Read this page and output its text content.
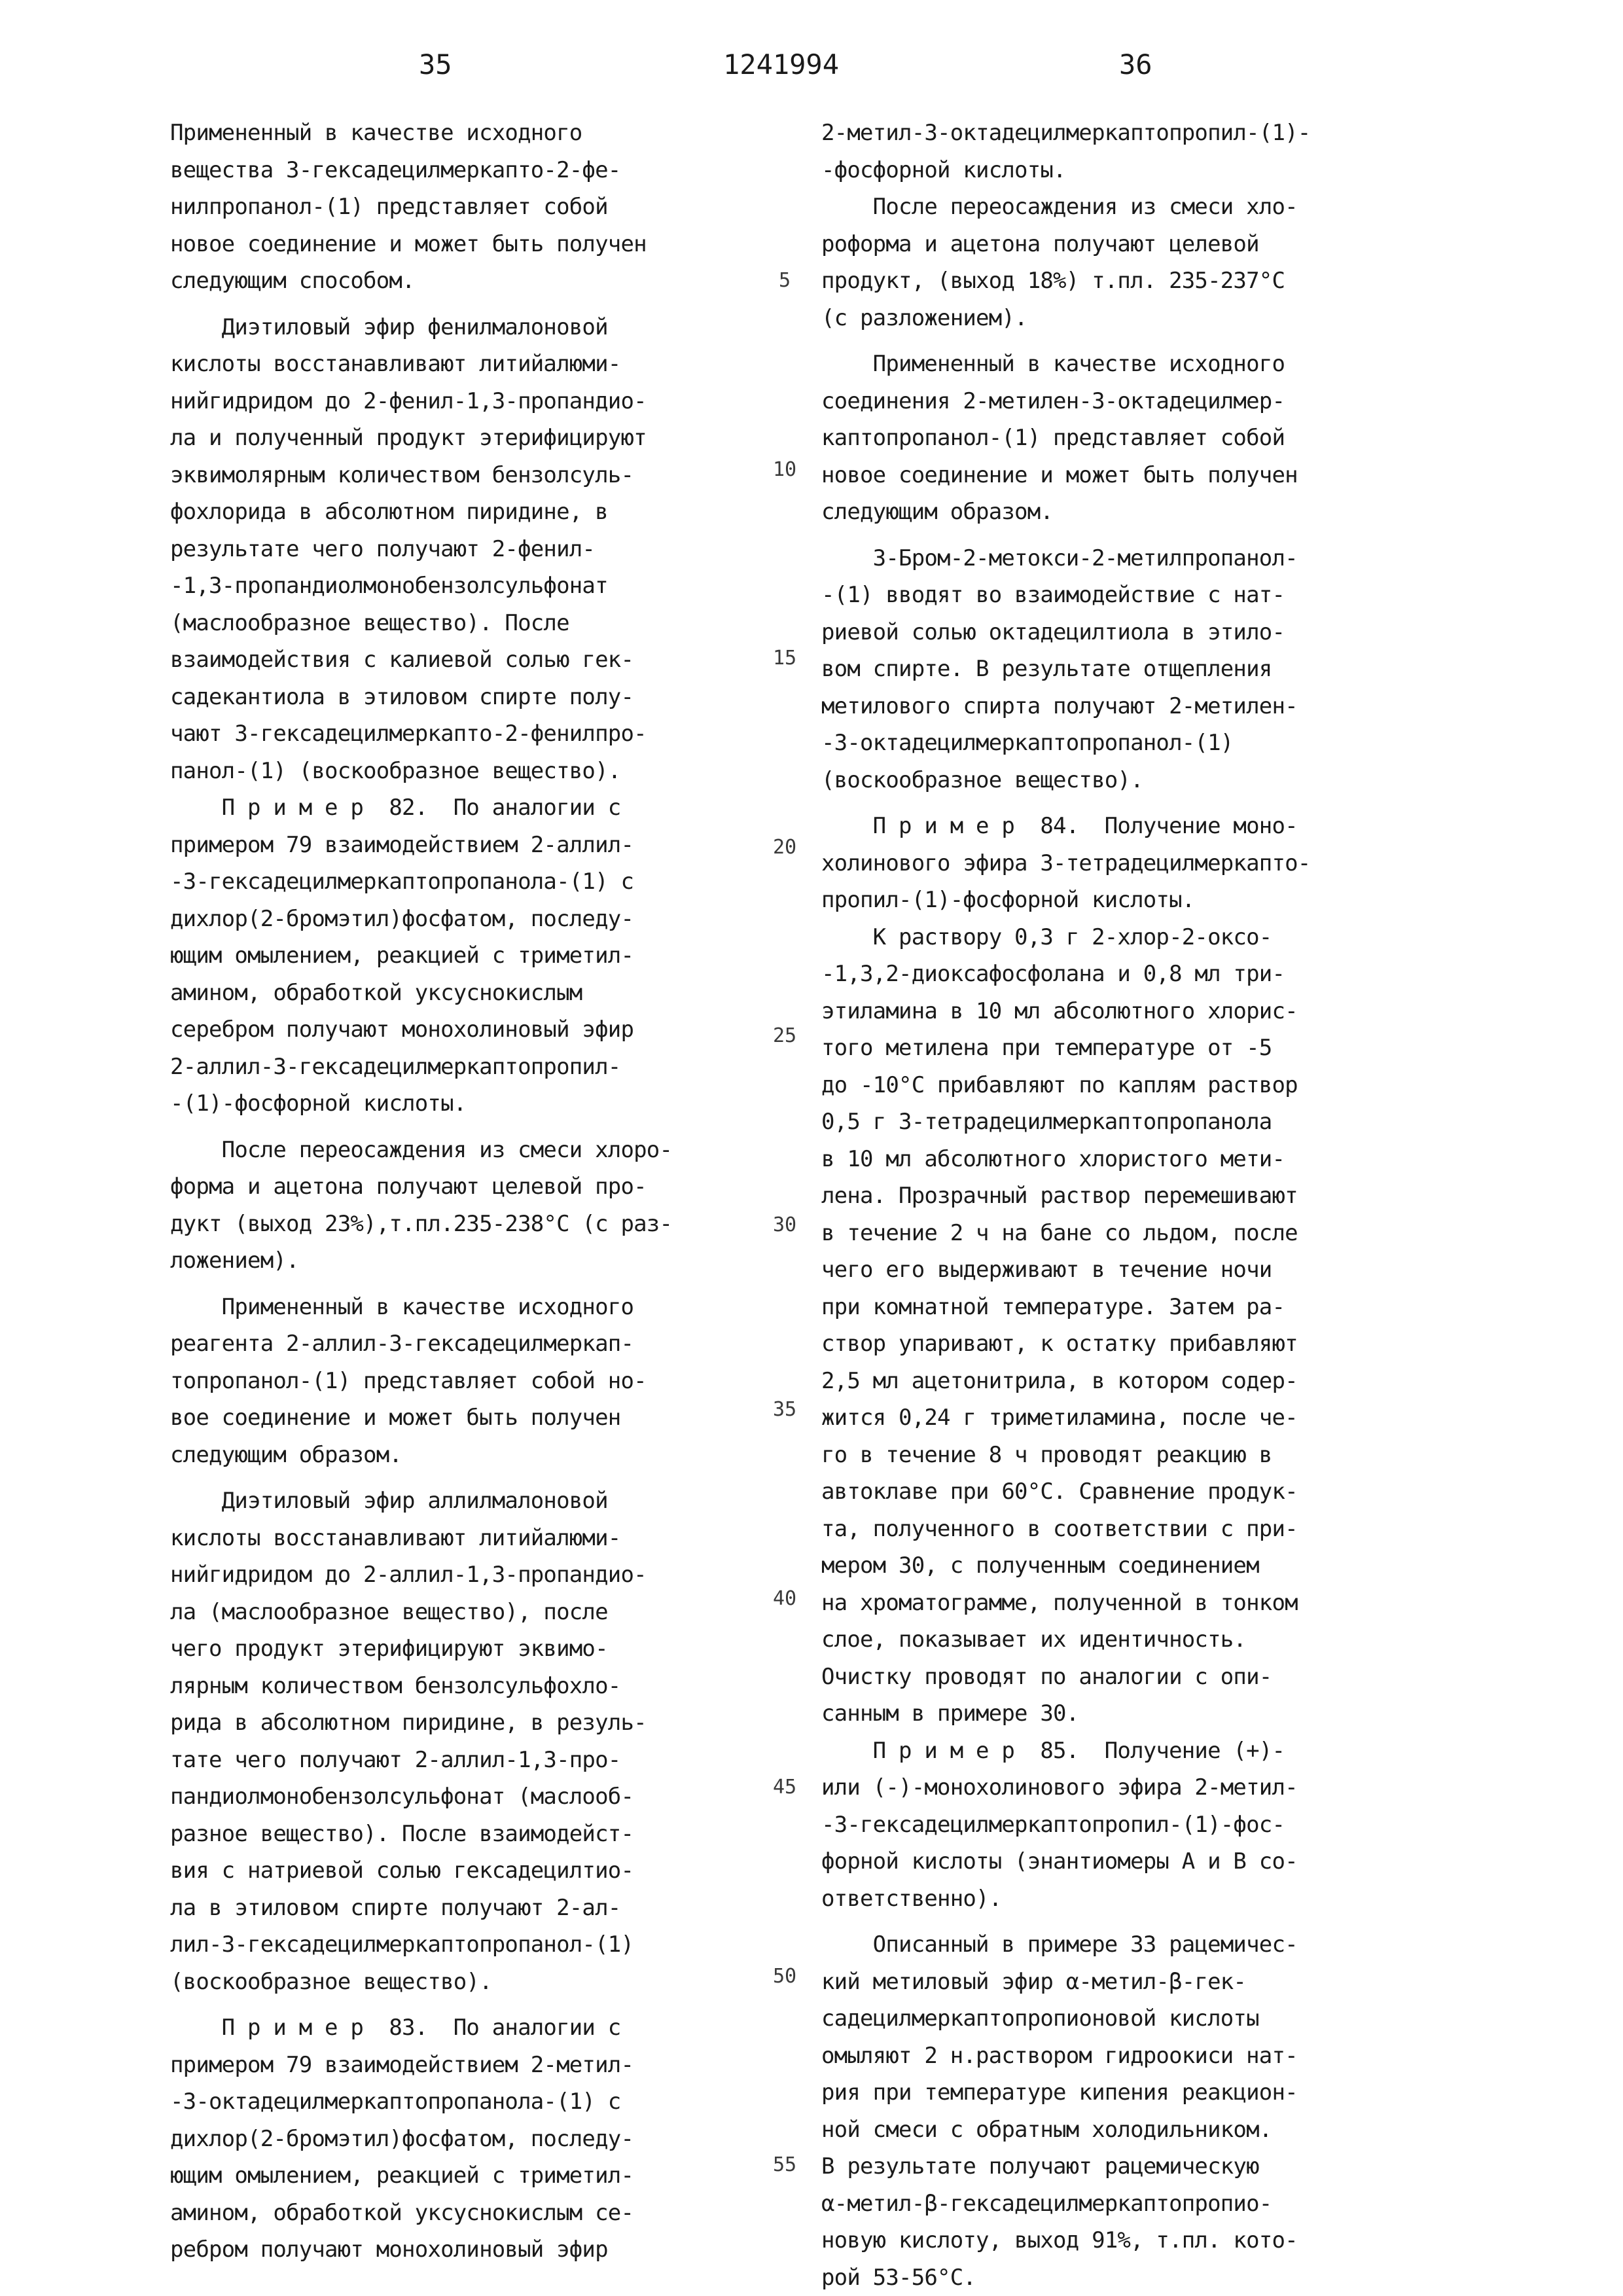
35	1241994	36

Примененный в качестве исходного

вещества 3-гексадецилмеркапто-2-фе-

нилпропанол-(1) представляет собой

новое соединение и может быть получен

следующим способом.

Диэтиловый эфир фенилмалоновой

кислоты восстанавливают литийалюми-

нийгидридом до 2-фенил-1,3-пропандио-

ла и полученный продукт этерифицируют

эквимолярным количеством бензолсуль-

фохлорида в абсолютном пиридине, в

результате чего получают 2-фенил-

-1,3-пропандиолмонобензолсульфонат

(маслообразное вещество). После

взаимодействия с калиевой солью гек-

садекантиола в этиловом спирте полу-

чают 3-гексадецилмеркапто-2-фенилпро-

панол-(1) (воскообразное вещество).

П р и м е р  82.  По аналогии с

примером 79 взаимодействием 2-аллил-

-3-гексадецилмеркаптопропанола-(1) с

дихлор(2-бромэтил)фосфатом, последу-

ющим омылением, реакцией с триметил-

амином, обработкой уксуснокислым

серебром получают монохолиновый эфир

2-аллил-3-гексадецилмеркаптопропил-

-(1)-фосфорной кислоты.

После переосаждения из смеси хлоро-

форма и ацетона получают целевой про-

дукт (выход 23%),т.пл.235-238°С (с раз-

ложением).

Примененный в качестве исходного

реагента 2-аллил-3-гексадецилмеркап-

топропанол-(1) представляет собой но-

вое соединение и может быть получен

следующим образом.

Диэтиловый эфир аллилмалоновой

кислоты восстанавливают литийалюми-

нийгидридом до 2-аллил-1,3-пропандио-

ла (маслообразное вещество), после

чего продукт этерифицируют эквимо-

лярным количеством бензолсульфохло-

рида в абсолютном пиридине, в резуль-

тате чего получают 2-аллил-1,3-про-

пандиолмонобензолсульфонат (маслооб-

разное вещество). После взаимодейст-

вия с натриевой солью гексадецилтио-

ла в этиловом спирте получают 2-ал-

лил-3-гексадецилмеркаптопропанол-(1)

(воскообразное вещество).

П р и м е р  83.  По аналогии с

примером 79 взаимодействием 2-метил-

-3-октадецилмеркаптопропанола-(1) с

дихлор(2-бромэтил)фосфатом, последу-

ющим омылением, реакцией с триметил-

амином, обработкой уксуснокислым се-

ребром получают монохолиновый эфир

5
10
15
20
25
30
35
40
45
50
55

2-метил-3-октадецилмеркаптопропил-(1)-

-фосфорной кислоты.

После переосаждения из смеси хло-

роформа и ацетона получают целевой

продукт, (выход 18%) т.пл. 235-237°С

(с разложением).

Примененный в качестве исходного

соединения 2-метилен-3-октадецилмер-

каптопропанол-(1) представляет собой

новое соединение и может быть получен

следующим образом.

3-Бром-2-метокси-2-метилпропанол-

-(1) вводят во взаимодействие с нат-

риевой солью октадецилтиола в этило-

вом спирте. В результате отщепления

метилового спирта получают 2-метилен-

-3-октадецилмеркаптопропанол-(1)

(воскообразное вещество).

П р и м е р  84.  Получение моно-

холинового эфира 3-тетрадецилмеркапто-

пропил-(1)-фосфорной кислоты.

К раствору 0,3 г 2-хлор-2-оксо-

-1,3,2-диоксафосфолана и 0,8 мл три-

этиламина в 10 мл абсолютного хлорис-

того метилена при температуре от -5

до -10°С прибавляют по каплям раствор

0,5 г 3-тетрадецилмеркаптопропанола

в 10 мл абсолютного хлористого мети-

лена. Прозрачный раствор перемешивают

в течение 2 ч на бане со льдом, после

чего его выдерживают в течение ночи

при комнатной температуре. Затем ра-

створ упаривают, к остатку прибавляют

2,5 мл ацетонитрила, в котором содер-

жится 0,24 г триметиламина, после че-

го в течение 8 ч проводят реакцию в

автоклаве при 60°С. Сравнение продук-

та, полученного в соответствии с при-

мером 30, с полученным соединением

на хроматограмме, полученной в тонком

слое, показывает их идентичность.

Очистку проводят по аналогии с опи-

санным в примере 30.

П р и м е р  85.  Получение (+)-

или (-)-монохолинового эфира 2-метил-

-3-гексадецилмеркаптопропил-(1)-фос-

форной кислоты (энантиомеры А и В со-

ответственно).

Описанный в примере 33 рацемичес-

кий метиловый эфир α-метил-β-гек-

садецилмеркаптопропионовой кислоты

омыляют 2 н.раствором гидроокиси нат-

рия при температуре кипения реакцион-

ной смеси с обратным холодильником.

В результате получают рацемическую

α-метил-β-гексадецилмеркаптопропио-

новую кислоту, выход 91%, т.пл. кото-

рой 53-56°С.
